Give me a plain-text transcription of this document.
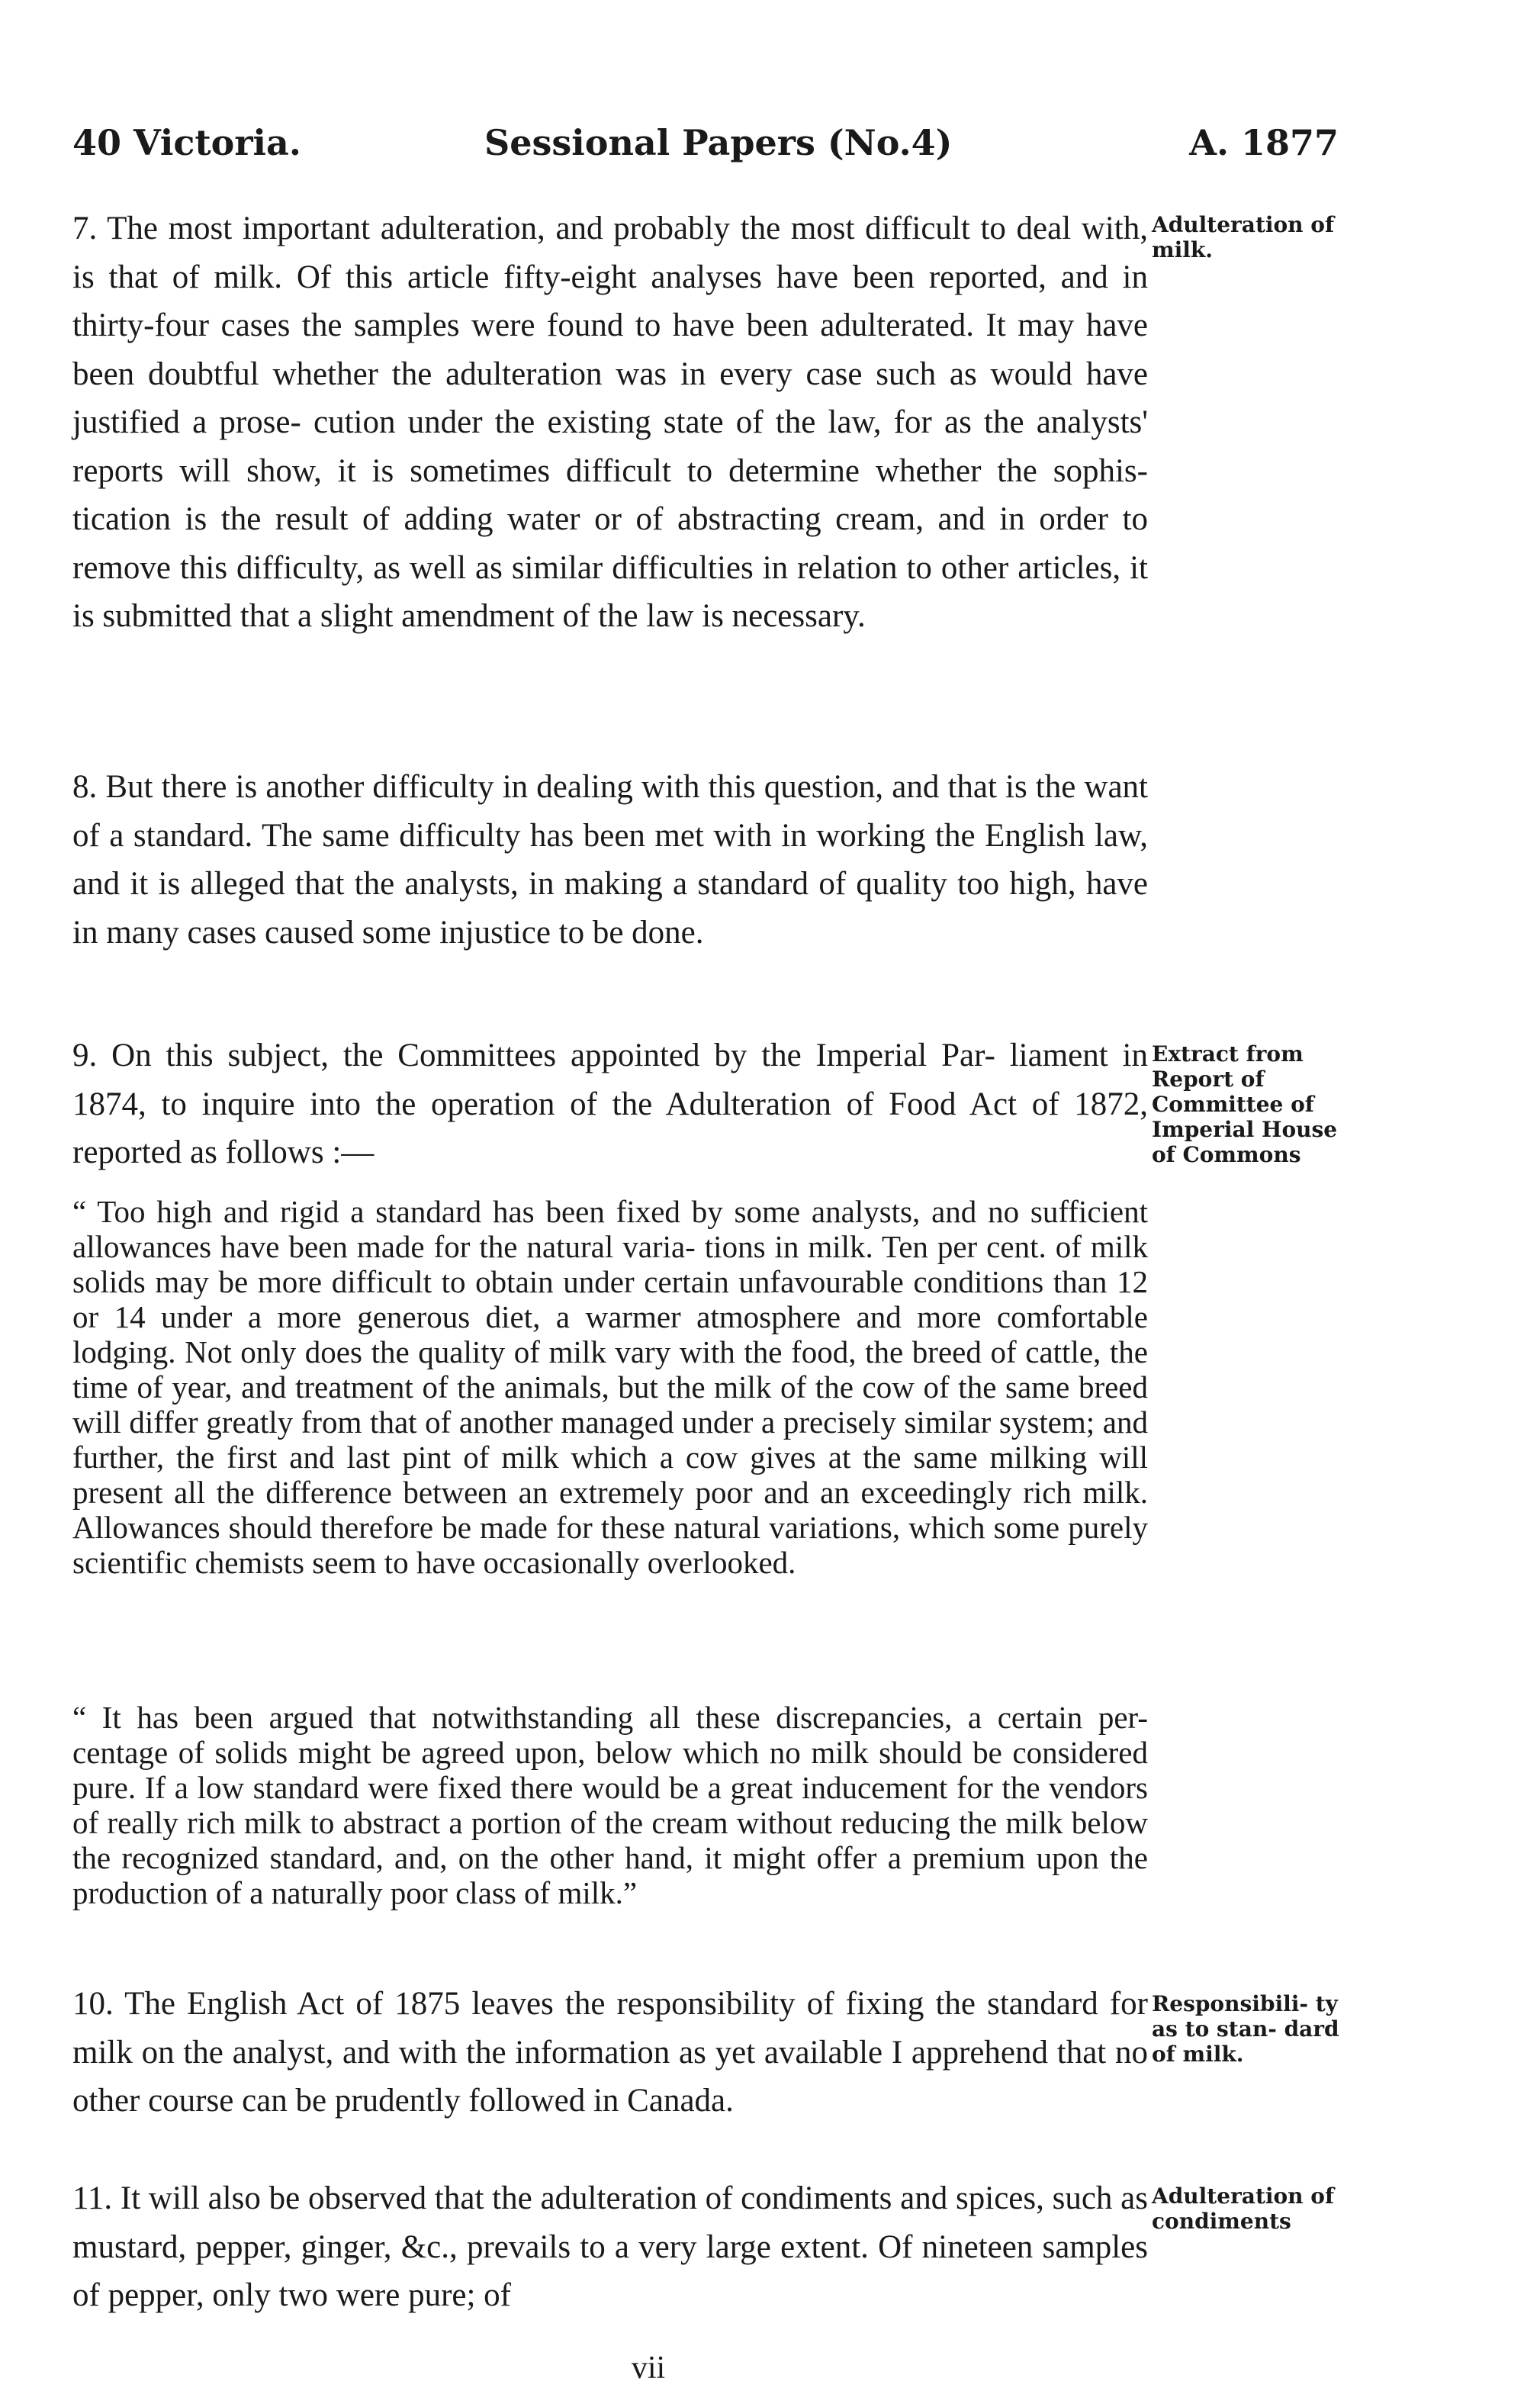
40 Victoria.	Sessional Papers (No.4)	A. 1877

7. The most important adulteration, and probably the most difficult to deal with, is that of milk. Of this article fifty-eight analyses have been reported, and in thirty-four cases the samples were found to have been adulterated. It may have been doubtful whether the adulteration was in every case such as would have justified a prose- cution under the existing state of the law, for as the analysts' reports will show, it is sometimes difficult to determine whether the sophis- tication is the result of adding water or of abstracting cream, and in order to remove this difficulty, as well as similar difficulties in relation to other articles, it is submitted that a slight amendment of the law is necessary.

8. But there is another difficulty in dealing with this question, and that is the want of a standard. The same difficulty has been met with in working the English law, and it is alleged that the analysts, in making a standard of quality too high, have in many cases caused some injustice to be done.

9. On this subject, the Committees appointed by the Imperial Par- liament in 1874, to inquire into the operation of the Adulteration of Food Act of 1872, reported as follows :—

“ Too high and rigid a standard has been fixed by some analysts, and no sufficient allowances have been made for the natural varia- tions in milk. Ten per cent. of milk solids may be more difficult to obtain under certain unfavourable conditions than 12 or 14 under a more generous diet, a warmer atmosphere and more comfortable lodging. Not only does the quality of milk vary with the food, the breed of cattle, the time of year, and treatment of the animals, but the milk of the cow of the same breed will differ greatly from that of another managed under a precisely similar system; and further, the first and last pint of milk which a cow gives at the same milking will present all the difference between an extremely poor and an exceedingly rich milk. Allowances should therefore be made for these natural variations, which some purely scientific chemists seem to have occasionally overlooked.

“ It has been argued that notwithstanding all these discrepancies, a certain per-centage of solids might be agreed upon, below which no milk should be considered pure. If a low standard were fixed there would be a great inducement for the vendors of really rich milk to abstract a portion of the cream without reducing the milk below the recognized standard, and, on the other hand, it might offer a premium upon the production of a naturally poor class of milk.”

10. The English Act of 1875 leaves the responsibility of fixing the standard for milk on the analyst, and with the information as yet available I apprehend that no other course can be prudently followed in Canada.

11. It will also be observed that the adulteration of condiments and spices, such as mustard, pepper, ginger, &c., prevails to a very large extent. Of nineteen samples of pepper, only two were pure; of

Adulteration of milk.
Extract from Report of Committee of Imperial House of Commons
Responsibili- ty as to stan- dard of milk.
Adulteration of condiments
vii
